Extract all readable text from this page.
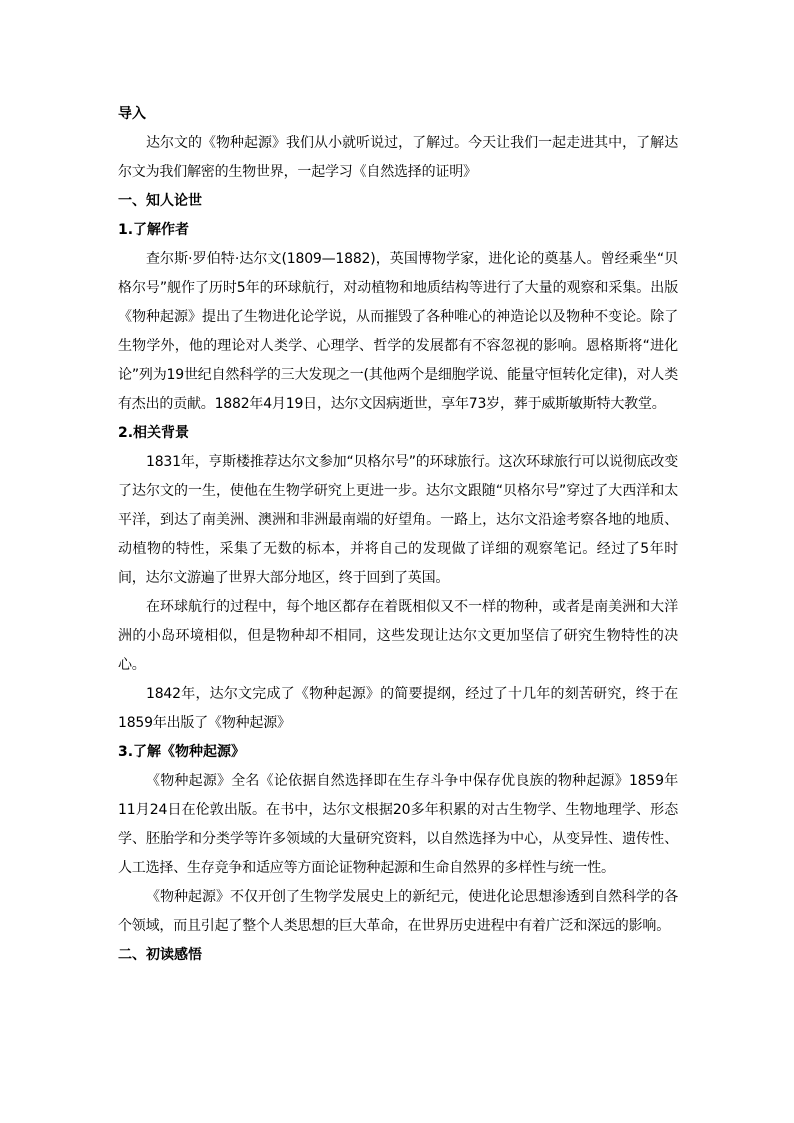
导入

达尔文的《物种起源》我们从小就听说过，了解过。今天让我们一起走进其中，了解达尔文为我们解密的生物世界，一起学习《自然选择的证明》

一、知人论世

1.了解作者

查尔斯·罗伯特·达尔文(1809—1882)，英国博物学家，进化论的奠基人。曾经乘坐“贝格尔号”舰作了历时5年的环球航行，对动植物和地质结构等进行了大量的观察和采集。出版《物种起源》提出了生物进化论学说，从而摧毁了各种唯心的神造论以及物种不变论。除了生物学外，他的理论对人类学、心理学、哲学的发展都有不容忽视的影响。恩格斯将“进化论”列为19世纪自然科学的三大发现之一(其他两个是细胞学说、能量守恒转化定律)，对人类有杰出的贡献。1882年4月19日，达尔文因病逝世，享年73岁，葬于威斯敏斯特大教堂。

2.相关背景

1831年，亨斯楼推荐达尔文参加“贝格尔号”的环球旅行。这次环球旅行可以说彻底改变了达尔文的一生，使他在生物学研究上更进一步。达尔文跟随“贝格尔号”穿过了大西洋和太平洋，到达了南美洲、澳洲和非洲最南端的好望角。一路上，达尔文沿途考察各地的地质、动植物的特性，采集了无数的标本，并将自己的发现做了详细的观察笔记。经过了5年时间，达尔文游遍了世界大部分地区，终于回到了英国。

在环球航行的过程中，每个地区都存在着既相似又不一样的物种，或者是南美洲和大洋洲的小岛环境相似，但是物种却不相同，这些发现让达尔文更加坚信了研究生物特性的决心。

1842年，达尔文完成了《物种起源》的简要提纲，经过了十几年的刻苦研究，终于在1859年出版了《物种起源》

3.了解《物种起源》

《物种起源》全名《论依据自然选择即在生存斗争中保存优良族的物种起源》1859年11月24日在伦敦出版。在书中，达尔文根据20多年积累的对古生物学、生物地理学、形态学、胚胎学和分类学等许多领域的大量研究资料，以自然选择为中心，从变异性、遗传性、人工选择、生存竞争和适应等方面论证物种起源和生命自然界的多样性与统一性。

《物种起源》不仅开创了生物学发展史上的新纪元，使进化论思想渗透到自然科学的各个领域，而且引起了整个人类思想的巨大革命，在世界历史进程中有着广泛和深远的影响。

二、初读感悟
